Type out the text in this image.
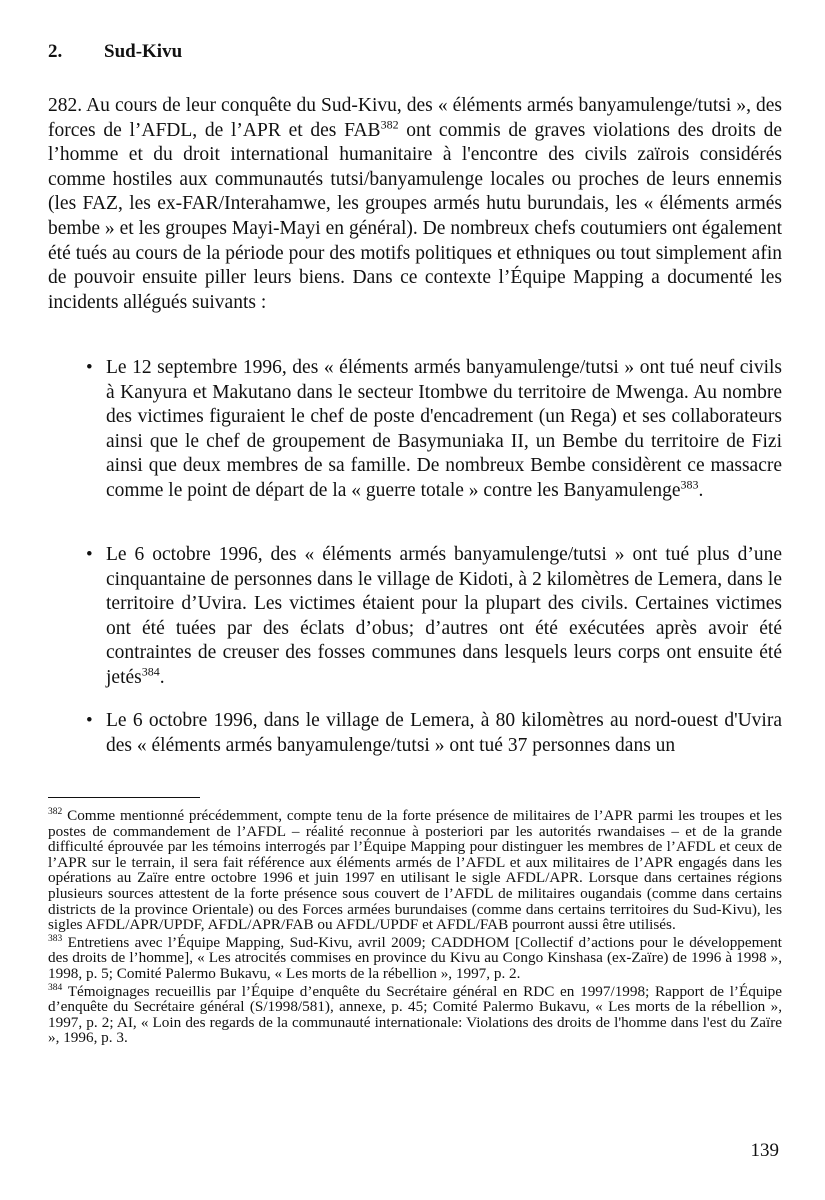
2. Sud-Kivu

282. Au cours de leur conquête du Sud-Kivu, des « éléments armés banyamulenge/tutsi », des forces de l’AFDL, de l’APR et des FAB$^{382}$ ont commis de graves violations des droits de l’homme et du droit international humanitaire à l'encontre des civils zaïrois considérés comme hostiles aux communautés tutsi/banyamulenge locales ou proches de leurs ennemis (les FAZ, les ex-FAR/Interahamwe, les groupes armés hutu burundais, les « éléments armés bembe » et les groupes Mayi-Mayi en général). De nombreux chefs coutumiers ont également été tués au cours de la période pour des motifs politiques et ethniques ou tout simplement afin de pouvoir ensuite piller leurs biens. Dans ce contexte l’Équipe Mapping a documenté les incidents allégués suivants :

• Le 12 septembre 1996, des « éléments armés banyamulenge/tutsi » ont tué neuf civils à Kanyura et Makutano dans le secteur Itombwe du territoire de Mwenga. Au nombre des victimes figuraient le chef de poste d'encadrement (un Rega) et ses collaborateurs ainsi que le chef de groupement de Basymuniaka II, un Bembe du territoire de Fizi ainsi que deux membres de sa famille. De nombreux Bembe considèrent ce massacre comme le point de départ de la « guerre totale » contre les Banyamulenge$^{383}$.

• Le 6 octobre 1996, des « éléments armés banyamulenge/tutsi » ont tué plus d’une cinquantaine de personnes dans le village de Kidoti, à 2 kilomètres de Lemera, dans le territoire d’Uvira. Les victimes étaient pour la plupart des civils. Certaines victimes ont été tuées par des éclats d’obus; d’autres ont été exécutées après avoir été contraintes de creuser des fosses communes dans lesquels leurs corps ont ensuite été jetés$^{384}$.

• Le 6 octobre 1996, dans le village de Lemera, à 80 kilomètres au nord-ouest d'Uvira des « éléments armés banyamulenge/tutsi » ont tué 37 personnes dans un

$^{382}$ Comme mentionné précédemment, compte tenu de la forte présence de militaires de l’APR parmi les troupes et les postes de commandement de l’AFDL – réalité reconnue à posteriori par les autorités rwandaises – et de la grande difficulté éprouvée par les témoins interrogés par l’Équipe Mapping pour distinguer les membres de l’AFDL et ceux de l’APR sur le terrain, il sera fait référence aux éléments armés de l’AFDL et aux militaires de l’APR engagés dans les opérations au Zaïre entre octobre 1996 et juin 1997 en utilisant le sigle AFDL/APR. Lorsque dans certaines régions plusieurs sources attestent de la forte présence sous couvert de l’AFDL de militaires ougandais (comme dans certains districts de la province Orientale) ou des Forces armées burundaises (comme dans certains territoires du Sud-Kivu), les sigles AFDL/APR/UPDF, AFDL/APR/FAB ou AFDL/UPDF et AFDL/FAB pourront aussi être utilisés.

$^{383}$ Entretiens avec l’Équipe Mapping, Sud-Kivu, avril 2009; CADDHOM [Collectif d’actions pour le développement des droits de l’homme], « Les atrocités commises en province du Kivu au Congo Kinshasa (ex-Zaïre) de 1996 à 1998 », 1998, p. 5; Comité Palermo Bukavu, « Les morts de la rébellion », 1997, p. 2.

$^{384}$ Témoignages recueillis par l’Équipe d’enquête du Secrétaire général en RDC en 1997/1998; Rapport de l’Équipe d’enquête du Secrétaire général (S/1998/581), annexe, p. 45; Comité Palermo Bukavu, « Les morts de la rébellion », 1997, p. 2; AI, « Loin des regards de la communauté internationale: Violations des droits de l'homme dans l'est du Zaïre », 1996, p. 3.

139
